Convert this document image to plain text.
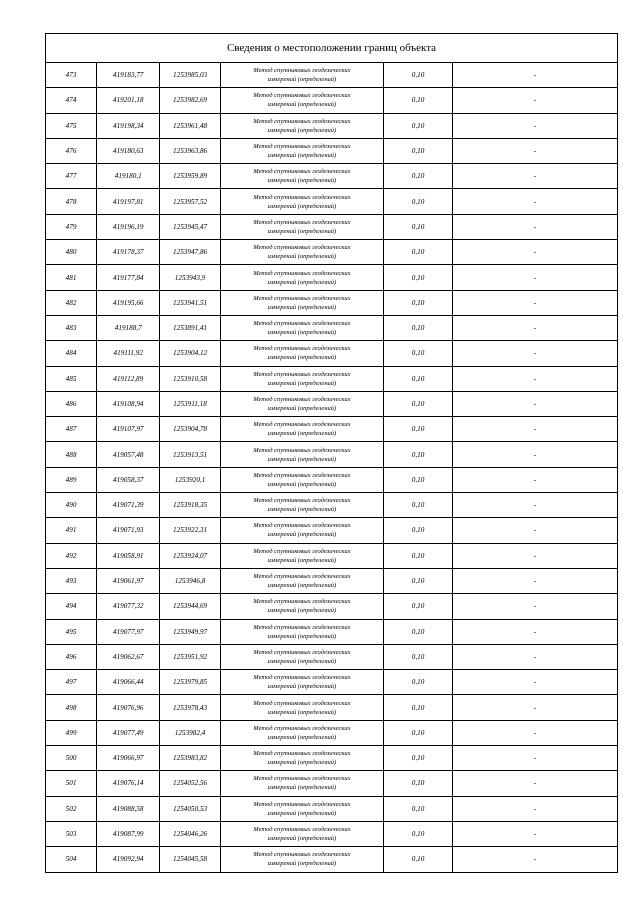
Сведения о местоположении границ объекта
473	419183,77	1253985,03	Метод спутниковых геодезических
измерений (определений)	0,10	-
474	419201,18	1253982,69	Метод спутниковых геодезических
измерений (определений)	0,10	-
475	419198,34	1253961,48	Метод спутниковых геодезических
измерений (определений)	0,10	-
476	419180,63	1253963,86	Метод спутниковых геодезических
измерений (определений)	0,10	-
477	419180,1	1253959,89	Метод спутниковых геодезических
измерений (определений)	0,10	-
478	419197,81	1253957,52	Метод спутниковых геодезических
измерений (определений)	0,10	-
479	419196,19	1253945,47	Метод спутниковых геодезических
измерений (определений)	0,10	-
480	419178,37	1253947,86	Метод спутниковых геодезических
измерений (определений)	0,10	-
481	419177,84	1253943,9	Метод спутниковых геодезических
измерений (определений)	0,10	-
482	419195,66	1253941,51	Метод спутниковых геодезических
измерений (определений)	0,10	-
483	419188,7	1253891,41	Метод спутниковых геодезических
измерений (определений)	0,10	-
484	419111,92	1253904,12	Метод спутниковых геодезических
измерений (определений)	0,10	-
485	419112,89	1253910,58	Метод спутниковых геодезических
измерений (определений)	0,10	-
486	419108,94	1253911,18	Метод спутниковых геодезических
измерений (определений)	0,10	-
487	419107,97	1253904,78	Метод спутниковых геодезических
измерений (определений)	0,10	-
488	419057,48	1253913,51	Метод спутниковых геодезических
измерений (определений)	0,10	-
489	419058,37	1253920,1	Метод спутниковых геодезических
измерений (определений)	0,10	-
490	419071,39	1253918,35	Метод спутниковых геодезических
измерений (определений)	0,10	-
491	419071,93	1253922,31	Метод спутниковых геодезических
измерений (определений)	0,10	-
492	419058,91	1253924,07	Метод спутниковых геодезических
измерений (определений)	0,10	-
493	419061,97	1253946,8	Метод спутниковых геодезических
измерений (определений)	0,10	-
494	419077,32	1253944,69	Метод спутниковых геодезических
измерений (определений)	0,10	-
495	419077,97	1253949,97	Метод спутниковых геодезических
измерений (определений)	0,10	-
496	419062,67	1253951,92	Метод спутниковых геодезических
измерений (определений)	0,10	-
497	419066,44	1253979,85	Метод спутниковых геодезических
измерений (определений)	0,10	-
498	419076,96	1253978,43	Метод спутниковых геодезических
измерений (определений)	0,10	-
499	419077,49	1253982,4	Метод спутниковых геодезических
измерений (определений)	0,10	-
500	419066,97	1253983,82	Метод спутниковых геодезических
измерений (определений)	0,10	-
501	419076,14	1254052,56	Метод спутниковых геодезических
измерений (определений)	0,10	-
502	419088,58	1254050,53	Метод спутниковых геодезических
измерений (определений)	0,10	-
503	419087,99	1254046,26	Метод спутниковых геодезических
измерений (определений)	0,10	-
504	419092,94	1254045,58	Метод спутниковых геодезических
измерений (определений)	0,10	-
